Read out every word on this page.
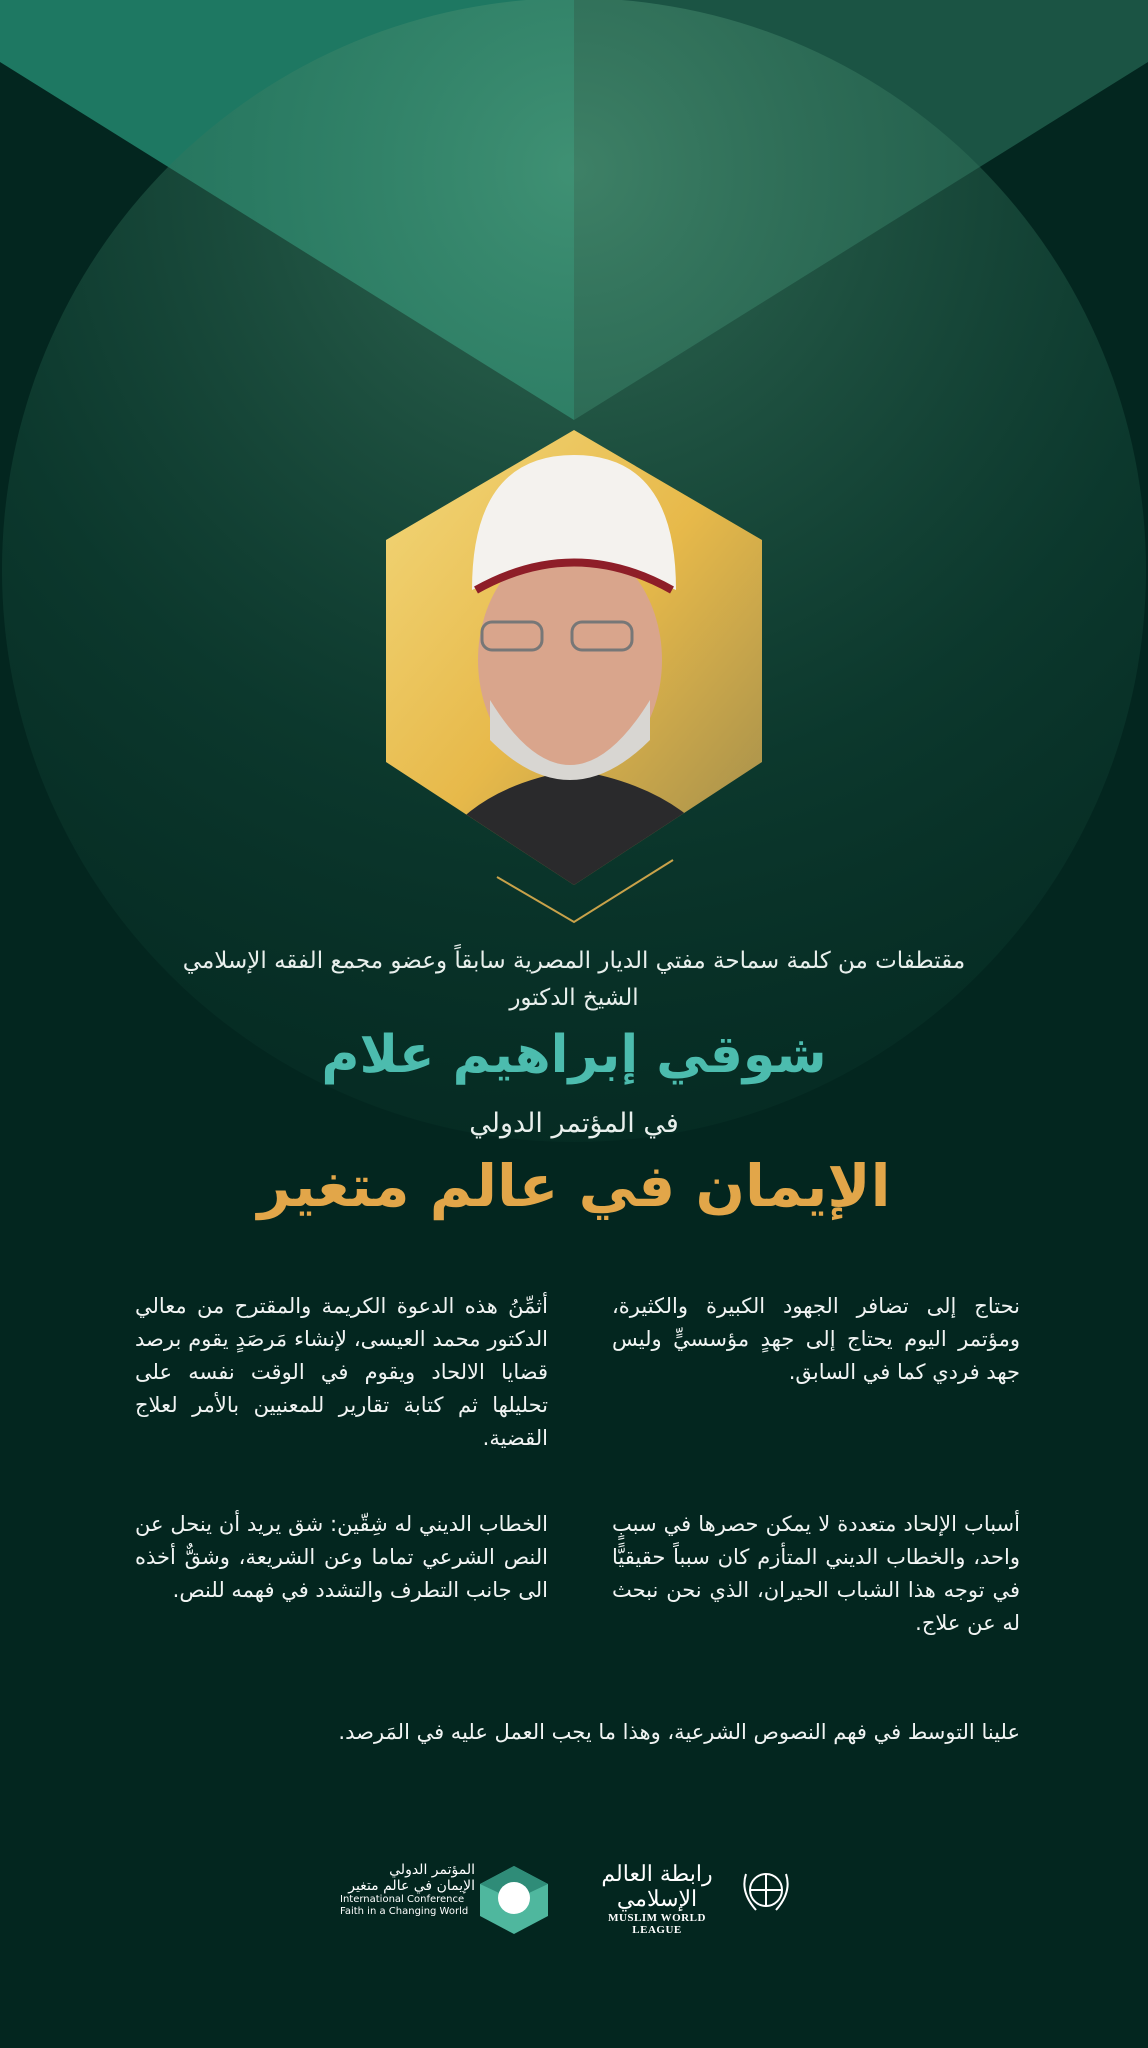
مقتطفات من كلمة سماحة مفتي الديار المصرية سابقاً وعضو مجمع الفقه الإسلامي
الشيخ الدكتور
شوقي إبراهيم علام
في المؤتمر الدولي
الإيمان في عالم متغير
نحتاج إلى تضافر الجهود الكبيرة والكثيرة، ومؤتمر اليوم يحتاج إلى جهدٍ مؤسسيٍّ وليس جهد فردي كما في السابق.
أثمِّنُ هذه الدعوة الكريمة والمقترح من معالي الدكتور محمد العيسى، لإنشاء مَرصَدٍ يقوم برصد قضايا الالحاد ويقوم في الوقت نفسه على تحليلها ثم كتابة تقارير للمعنيين بالأمر لعلاج القضية.
أسباب الإلحاد متعددة لا يمكن حصرها في سببٍ واحد، والخطاب الديني المتأزم كان سبباً حقيقيًّا في توجه هذا الشباب الحيران، الذي نحن نبحث له عن علاج.
الخطاب الديني له شِقّين: شق يريد أن ينحل عن النص الشرعي تماما وعن الشريعة، وشقٌّ أخذه الى جانب التطرف والتشدد في فهمه للنص.
علينا التوسط في فهم النصوص الشرعية، وهذا ما يجب العمل عليه في المَرصد.
المؤتمر الدولي
الإيمان في عالم متغير
International Conference
Faith in a Changing World
رابطة العالم الإسلامي
MUSLIM WORLD LEAGUE
